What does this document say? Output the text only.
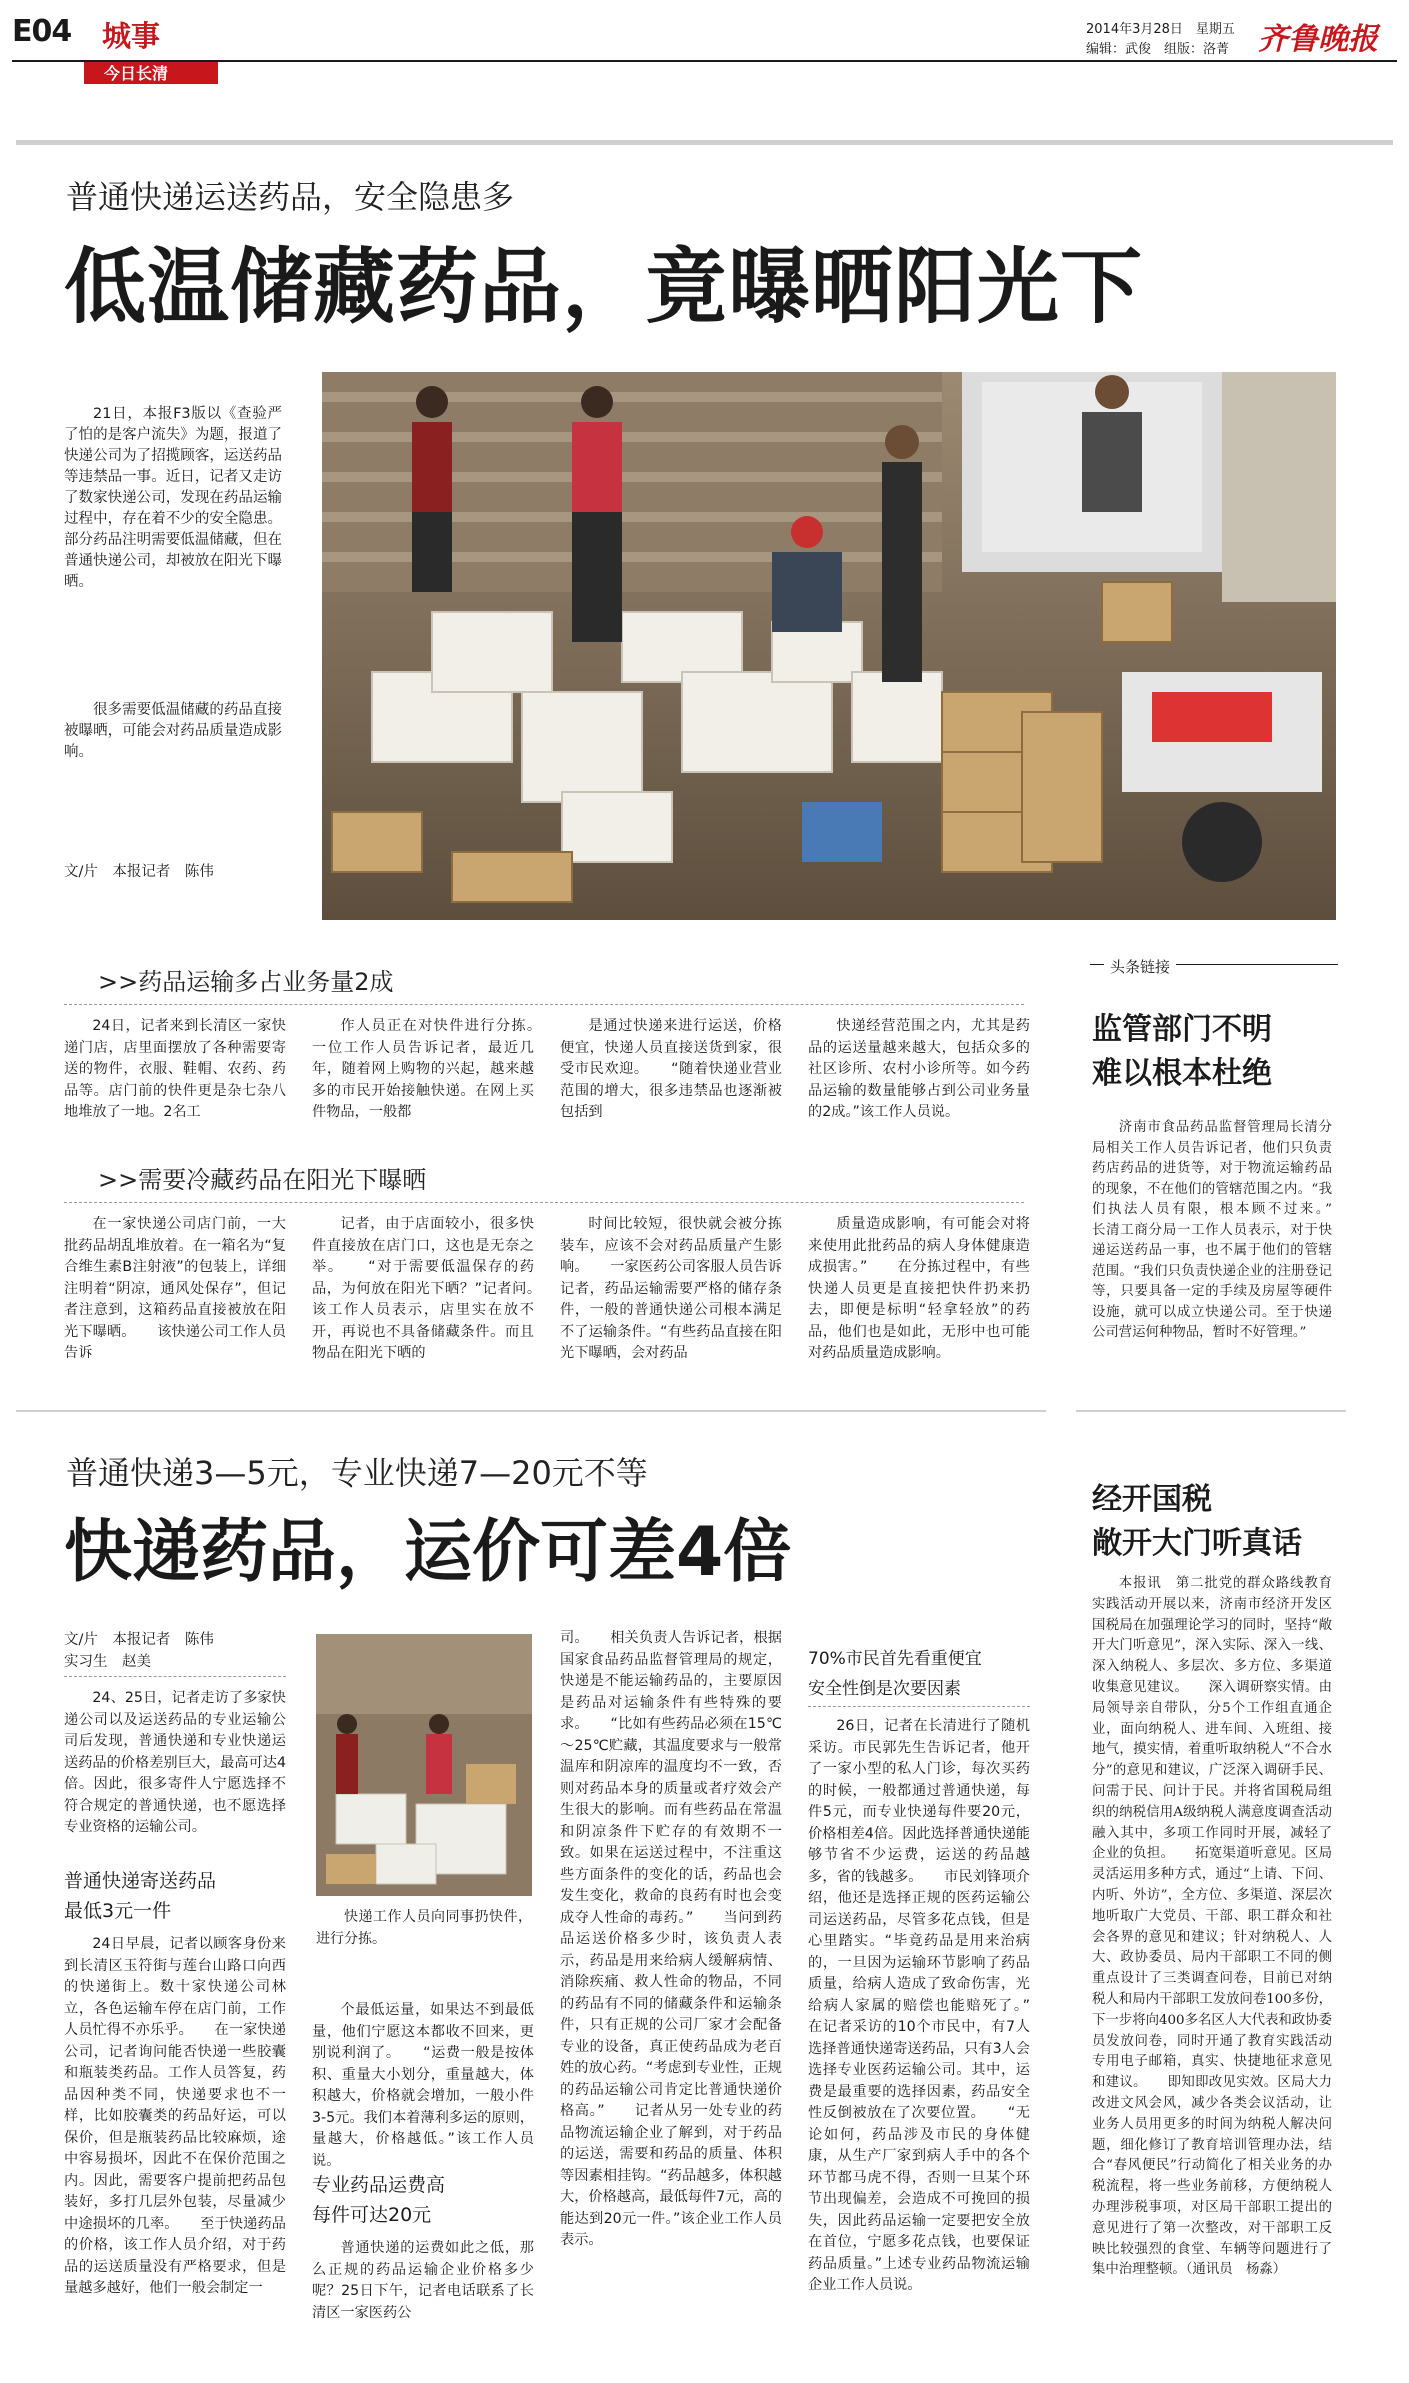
E04 城事
今日长清
2014年3月28日　星期五
编辑：武俊　组版：洛菁 齐鲁晚报
普通快递运送药品，安全隐患多
低温储藏药品，竟曝晒阳光下

21日，本报F3版以《查验严了怕的是客户流失》为题，报道了快递公司为了招揽顾客，运送药品等违禁品一事。近日，记者又走访了数家快递公司，发现在药品运输过程中，存在着不少的安全隐患。部分药品注明需要低温储藏，但在普通快递公司，却被放在阳光下曝晒。

很多需要低温储藏的药品直接被曝晒，可能会对药品质量造成影响。

文/片　本报记者　陈伟
>>药品运输多占业务量2成

24日，记者来到长清区一家快递门店，店里面摆放了各种需要寄送的物件，衣服、鞋帽、农药、药品等。店门前的快件更是杂七杂八地堆放了一地。2名工

作人员正在对快件进行分拣。　　一位工作人员告诉记者，最近几年，随着网上购物的兴起，越来越多的市民开始接触快递。在网上买件物品，一般都

是通过快递来进行运送，价格便宜，快递人员直接送货到家，很受市民欢迎。　　“随着快递业营业范围的增大，很多违禁品也逐渐被包括到

快递经营范围之内，尤其是药品的运送量越来越大，包括众多的社区诊所、农村小诊所等。如今药品运输的数量能够占到公司业务量的2成。”该工作人员说。

>>需要冷藏药品在阳光下曝晒

在一家快递公司店门前，一大批药品胡乱堆放着。在一箱名为“复合维生素B注射液”的包装上，详细注明着“阴凉，通风处保存”，但记者注意到，这箱药品直接被放在阳光下曝晒。　　该快递公司工作人员告诉

记者，由于店面较小，很多快件直接放在店门口，这也是无奈之举。　　“对于需要低温保存的药品，为何放在阳光下晒？”记者问。　　该工作人员表示，店里实在放不开，再说也不具备储藏条件。而且物品在阳光下晒的

时间比较短，很快就会被分拣装车，应该不会对药品质量产生影响。　　一家医药公司客服人员告诉记者，药品运输需要严格的储存条件，一般的普通快递公司根本满足不了运输条件。“有些药品直接在阳光下曝晒，会对药品

质量造成影响，有可能会对将来使用此批药品的病人身体健康造成损害。”　　在分拣过程中，有些快递人员更是直接把快件扔来扔去，即便是标明“轻拿轻放”的药品，他们也是如此，无形中也可能对药品质量造成影响。

头条链接
监管部门不明
难以根本杜绝

济南市食品药品监督管理局长清分局相关工作人员告诉记者，他们只负责药店药品的进货等，对于物流运输药品的现象，不在他们的管辖范围之内。“我们执法人员有限，根本顾不过来。”　　长清工商分局一工作人员表示，对于快递运送药品一事，也不属于他们的管辖范围。“我们只负责快递企业的注册登记等，只要具备一定的手续及房屋等硬件设施，就可以成立快递公司。至于快递公司营运何种物品，暂时不好管理。”

普通快递3—5元，专业快递7—20元不等
快递药品，运价可差4倍
文/片　本报记者　陈伟
实习生　赵美

24、25日，记者走访了多家快递公司以及运送药品的专业运输公司后发现，普通快递和专业快递运送药品的价格差别巨大，最高可达4倍。因此，很多寄件人宁愿选择不符合规定的普通快递，也不愿选择专业资格的运输公司。

普通快递寄送药品
最低3元一件

24日早晨，记者以顾客身份来到长清区玉符街与莲台山路口向西的快递街上。数十家快递公司林立，各色运输车停在店门前，工作人员忙得不亦乐乎。　　在一家快递公司，记者询问能否快递一些胶囊和瓶装类药品。工作人员答复，药品因种类不同，快递要求也不一样，比如胶囊类的药品好运，可以保价，但是瓶装药品比较麻烦，途中容易损坏，因此不在保价范围之内。因此，需要客户提前把药品包装好，多打几层外包装，尽量减少中途损坏的几率。　　至于快递药品的价格，该工作人员介绍，对于药品的运送质量没有严格要求，但是量越多越好，他们一般会制定一

快递工作人员向同事扔快件，进行分拣。

个最低运量，如果达不到最低量，他们宁愿这本都收不回来，更别说利润了。　　“运费一般是按体积、重量大小划分，重量越大，体积越大，价格就会增加，一般小件3-5元。我们本着薄利多运的原则，量越大，价格越低。”该工作人员说。

专业药品运费高
每件可达20元

普通快递的运费如此之低，那么正规的药品运输企业价格多少呢？25日下午，记者电话联系了长清区一家医药公

司。　　相关负责人告诉记者，根据国家食品药品监督管理局的规定，快递是不能运输药品的，主要原因是药品对运输条件有些特殊的要求。　　“比如有些药品必须在15℃～25℃贮藏，其温度要求与一般常温库和阴凉库的温度均不一致，否则对药品本身的质量或者疗效会产生很大的影响。而有些药品在常温和阴凉条件下贮存的有效期不一致。如果在运送过程中，不注重这些方面条件的变化的话，药品也会发生变化，救命的良药有时也会变成夺人性命的毒药。”　　当问到药品运送价格多少时，该负责人表示，药品是用来给病人缓解病情、消除疾痛、救人性命的物品，不同的药品有不同的储藏条件和运输条件，只有正规的公司厂家才会配备专业的设备，真正使药品成为老百姓的放心药。“考虑到专业性，正规的药品运输公司肯定比普通快递价格高。”　　记者从另一处专业的药品物流运输企业了解到，对于药品的运送，需要和药品的质量、体积等因素相挂钩。“药品越多，体积越大，价格越高，最低每件7元，高的能达到20元一件。”该企业工作人员表示。

70%市民首先看重便宜
安全性倒是次要因素

26日，记者在长清进行了随机采访。市民郭先生告诉记者，他开了一家小型的私人门诊，每次买药的时候，一般都通过普通快递，每件5元，而专业快递每件要20元，价格相差4倍。因此选择普通快递能够节省不少运费，运送的药品越多，省的钱越多。　　市民刘锋项介绍，他还是选择正规的医药运输公司运送药品，尽管多花点钱，但是心里踏实。“毕竟药品是用来治病的，一旦因为运输环节影响了药品质量，给病人造成了致命伤害，光给病人家属的赔偿也能赔死了。”　　在记者采访的10个市民中，有7人选择普通快递寄送药品，只有3人会选择专业医药运输公司。其中，运费是最重要的选择因素，药品安全性反倒被放在了次要位置。　　“无论如何，药品涉及市民的身体健康，从生产厂家到病人手中的各个环节都马虎不得，否则一旦某个环节出现偏差，会造成不可挽回的损失，因此药品运输一定要把安全放在首位，宁愿多花点钱，也要保证药品质量。”上述专业药品物流运输企业工作人员说。

经开国税
敞开大门听真话

本报讯　第二批党的群众路线教育实践活动开展以来，济南市经济开发区国税局在加强理论学习的同时，坚持“敞开大门听意见”，深入实际、深入一线、深入纳税人、多层次、多方位、多渠道收集意见建议。　　深入调研察实情。由局领导亲自带队，分5个工作组直通企业，面向纳税人、进车间、入班组、接地气，摸实情，着重听取纳税人“不合水分”的意见和建议，广泛深入调研手民、问需于民、问计于民。并将省国税局组织的纳税信用A级纳税人满意度调查活动融入其中，多项工作同时开展，减轻了企业的负担。　　拓宽渠道听意见。区局灵活运用多种方式，通过“上请、下问、内听、外访”，全方位、多渠道、深层次地听取广大党员、干部、职工群众和社会各界的意见和建议；针对纳税人、人大、政协委员、局内干部职工不同的侧重点设计了三类调查问卷，目前已对纳税人和局内干部职工发放问卷100多份，下一步将向400多名区人大代表和政协委员发放问卷，同时开通了教育实践活动专用电子邮箱，真实、快捷地征求意见和建议。　　即知即改见实效。区局大力改进文风会风，减少各类会议活动，让业务人员用更多的时间为纳税人解决问题，细化修订了教育培训管理办法，结合“春风便民”行动简化了相关业务的办税流程，将一些业务前移，方便纳税人办理涉税事项，对区局干部职工提出的意见进行了第一次整改，对干部职工反映比较强烈的食堂、车辆等问题进行了集中治理整顿。（通讯员　杨淼）
